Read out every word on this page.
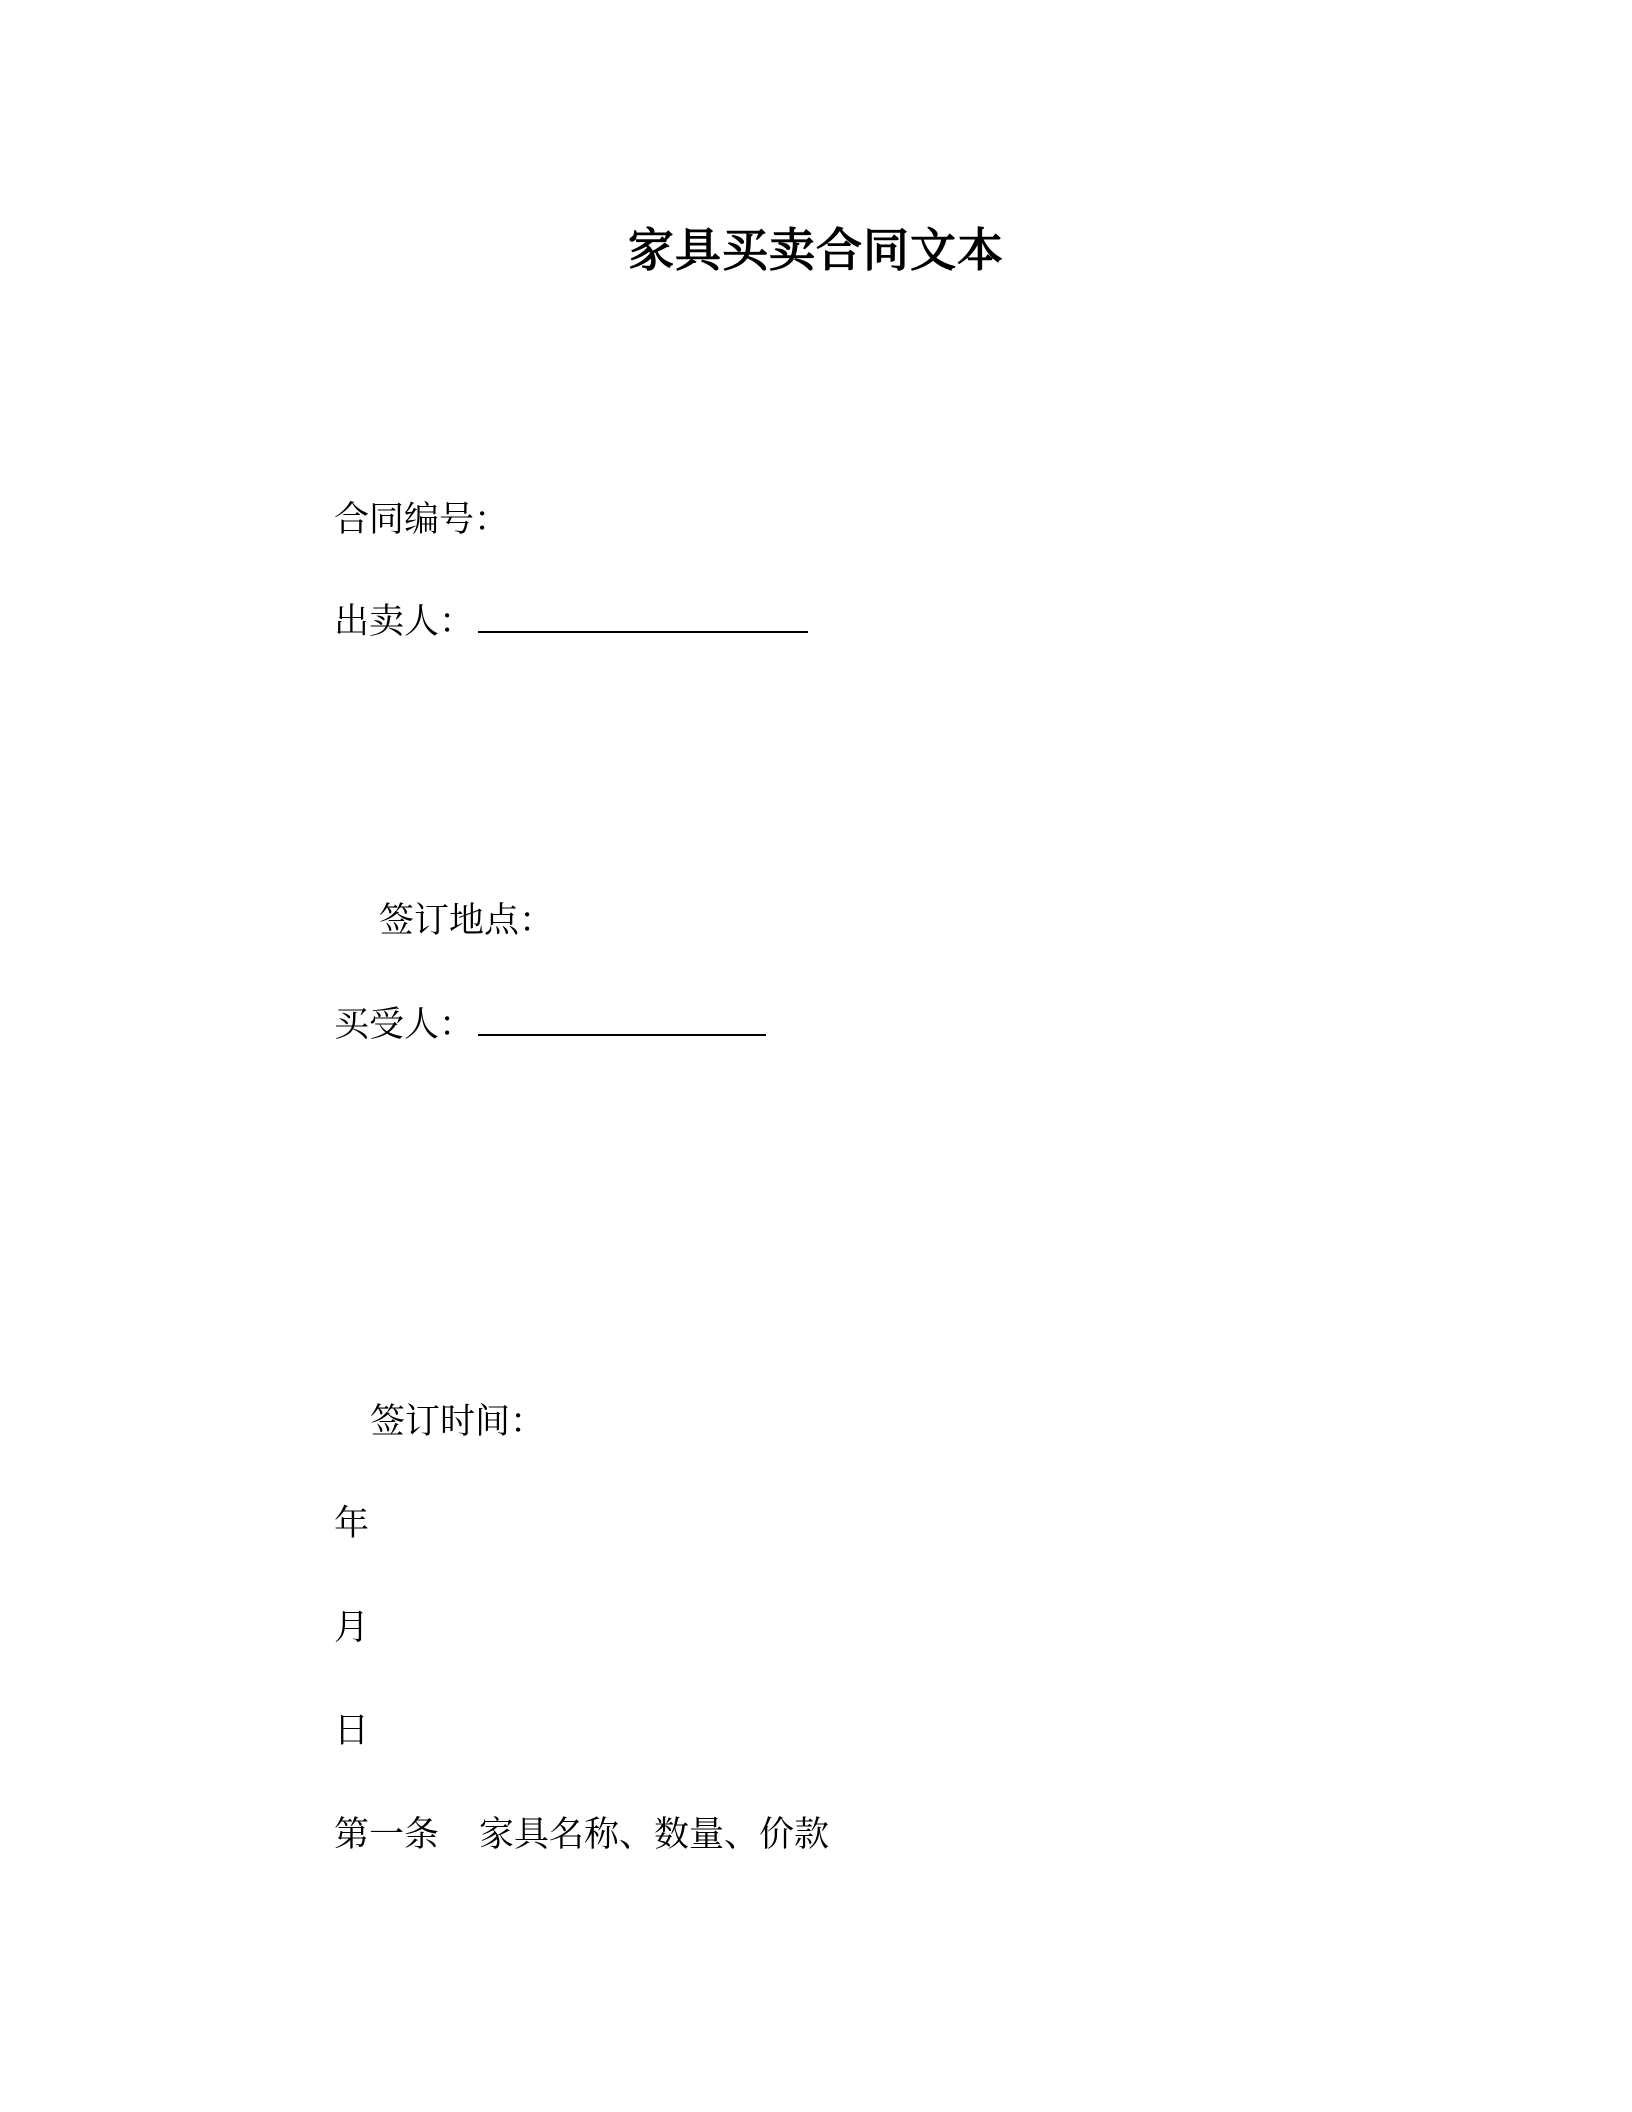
家具买卖合同文本
合同编号：
出卖人：
签订地点：
买受人：
签订时间：
年
月
日
第一条 家具名称、数量、价款
